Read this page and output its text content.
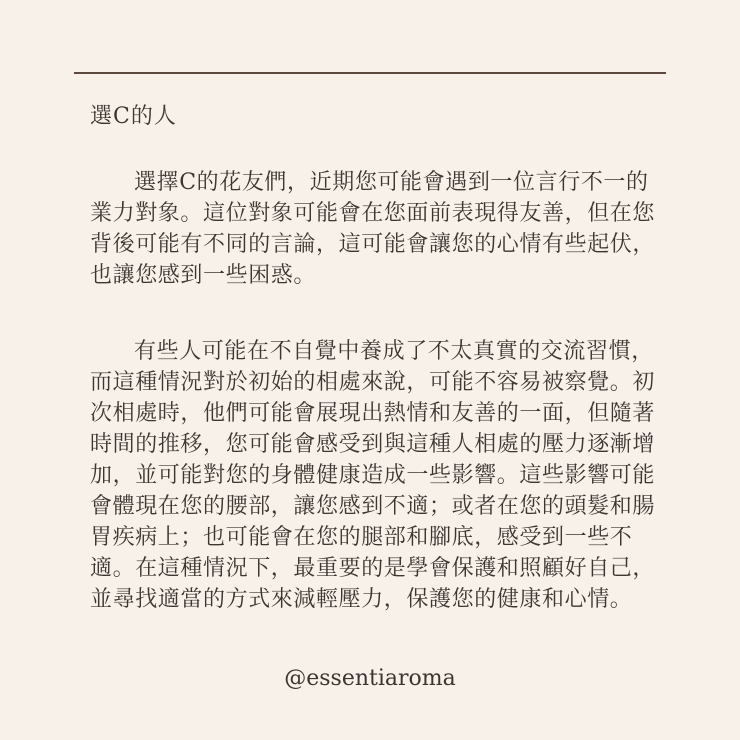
選C的人

選擇C的花友們，近期您可能會遇到一位言行不一的業力對象。這位對象可能會在您面前表現得友善，但在您背後可能有不同的言論，這可能會讓您的心情有些起伏，也讓您感到一些困惑。

有些人可能在不自覺中養成了不太真實的交流習慣，而這種情況對於初始的相處來說，可能不容易被察覺。初次相處時，他們可能會展現出熱情和友善的一面，但隨著時間的推移，您可能會感受到與這種人相處的壓力逐漸增加，並可能對您的身體健康造成一些影響。這些影響可能會體現在您的腰部，讓您感到不適；或者在您的頭髮和腸胃疾病上；也可能會在您的腿部和腳底，感受到一些不適。在這種情況下，最重要的是學會保護和照顧好自己，並尋找適當的方式來減輕壓力，保護您的健康和心情。

@essentiaroma
